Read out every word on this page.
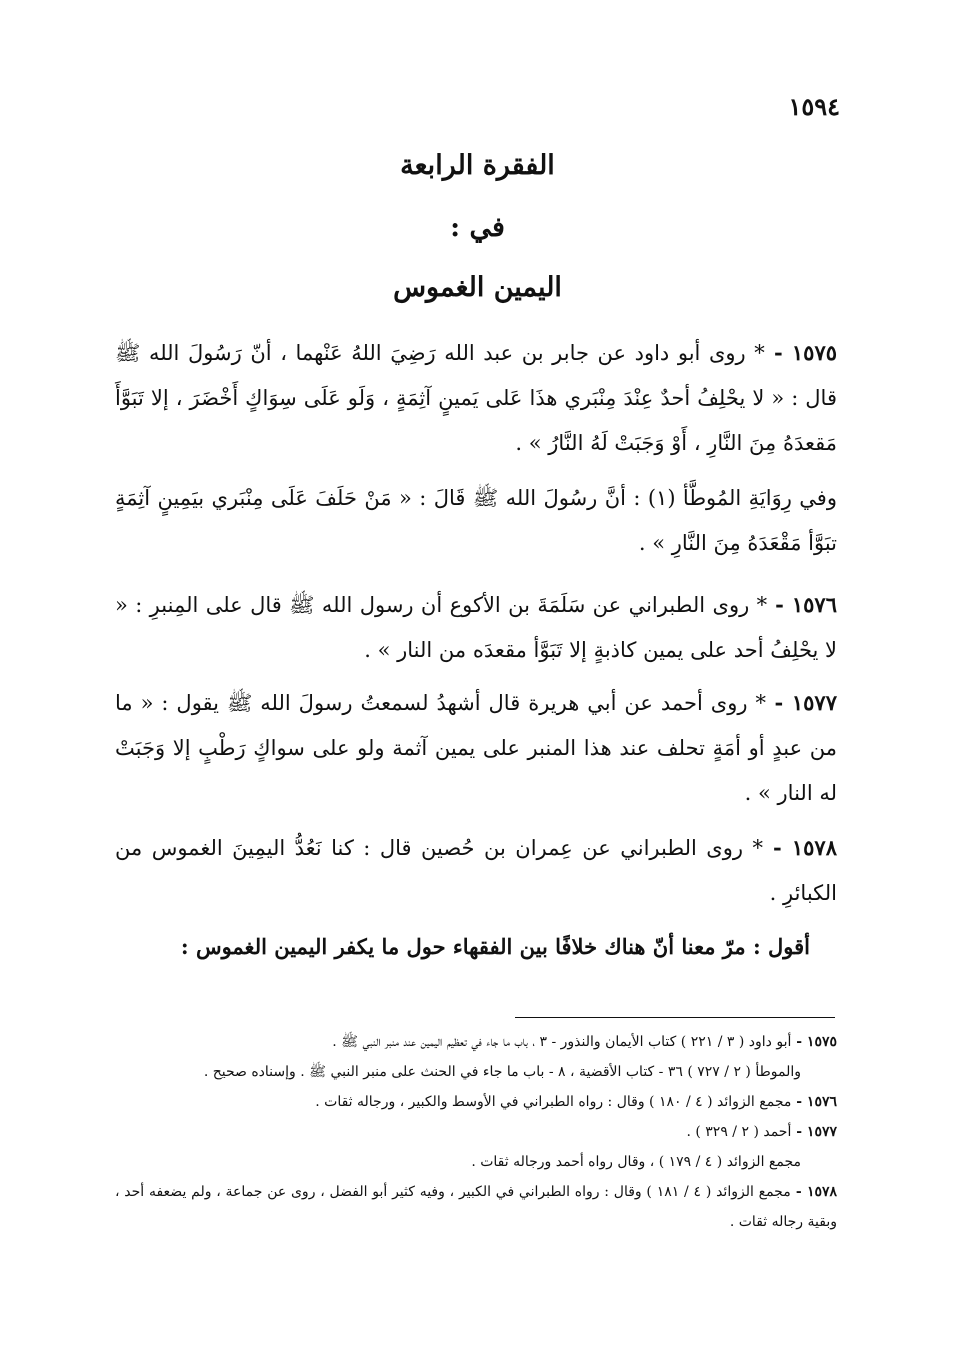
١٥٩٤
الفقرة الرابعة
في :
اليمين الغموس

١٥٧٥ - * روى أبو داود عن جابر بن عبد الله رَضِيَ اللهُ عَنْهما ، أنّ رَسُولَ الله ﷺ قال : « لا يحْلِفُ أحدٌ عِنْدَ مِنْبَري هذَا عَلى يَمينٍ آثِمَةٍ ، وَلَو عَلَى سِوَاكٍ أَخْضَرَ ، إلا تَبَوَّأَ مَقعدَهُ مِنَ النَّارِ ، أَوْ وَجَبَتْ لَهُ النَّارُ » .

وفي رِوَايَةِ المُوطَّأ (١) : أنَّ رسُولَ الله ﷺ قَالَ : « مَنْ حَلَفَ عَلَى مِنْبَري بيَمِينٍ آثِمَةٍ تبَوَّأ مَقْعَدَهُ مِنَ النَّارِ » .

١٥٧٦ - * روى الطبراني عن سَلَمَةَ بن الأكوع أن رسول الله ﷺ قال على المِنبرِ : « لا يحْلِفُ أحد على يمين كاذبةٍ إلا تَبَوَّأ مقعدَه من النار » .

١٥٧٧ - * روى أحمد عن أبي هريرة قال أشهدُ لسمعتُ رسولَ الله ﷺ يقول : « ما من عبدٍ أو أمَةٍ تحلف عند هذا المنبر على يمين آثمة ولو على سواكٍ رَطْبٍ إلا وَجَبَتْ له النار » .

١٥٧٨ - * روى الطبراني عن عِمران بن حُصين قال : كنا نَعُدُّ اليمِينَ الغموس من الكبائرِ .

أقول : مرّ معنا أنّ هناك خلافًا بين الفقهاء حول ما يكفر اليمين الغموس :

١٥٧٥ - أبو داود ( ٣ / ٢٢١ ) كتاب الأيمان والنذور - ٣ ، باب ما جاء في تعظيم اليمين عند منبر النبي ﷺ .

والموطأ ( ٢ / ٧٢٧ ) ٣٦ - كتاب الأقضية ، ٨ - باب ما جاء في الحنث على منبر النبي ﷺ . وإسناده صحيح .

١٥٧٦ - مجمع الزوائد ( ٤ / ١٨٠ ) وقال : رواه الطبراني في الأوسط والكبير ، ورجاله ثقات .

١٥٧٧ - أحمد ( ٢ / ٣٢٩ ) .

مجمع الزوائد ( ٤ / ١٧٩ ) ، وقال رواه أحمد ورجاله ثقات .

١٥٧٨ - مجمع الزوائد ( ٤ / ١٨١ ) وقال : رواه الطبراني في الكبير ، وفيه كثير أبو الفضل ، روى عن جماعة ، ولم يضعفه أحد ، وبقية رجاله ثقات .
